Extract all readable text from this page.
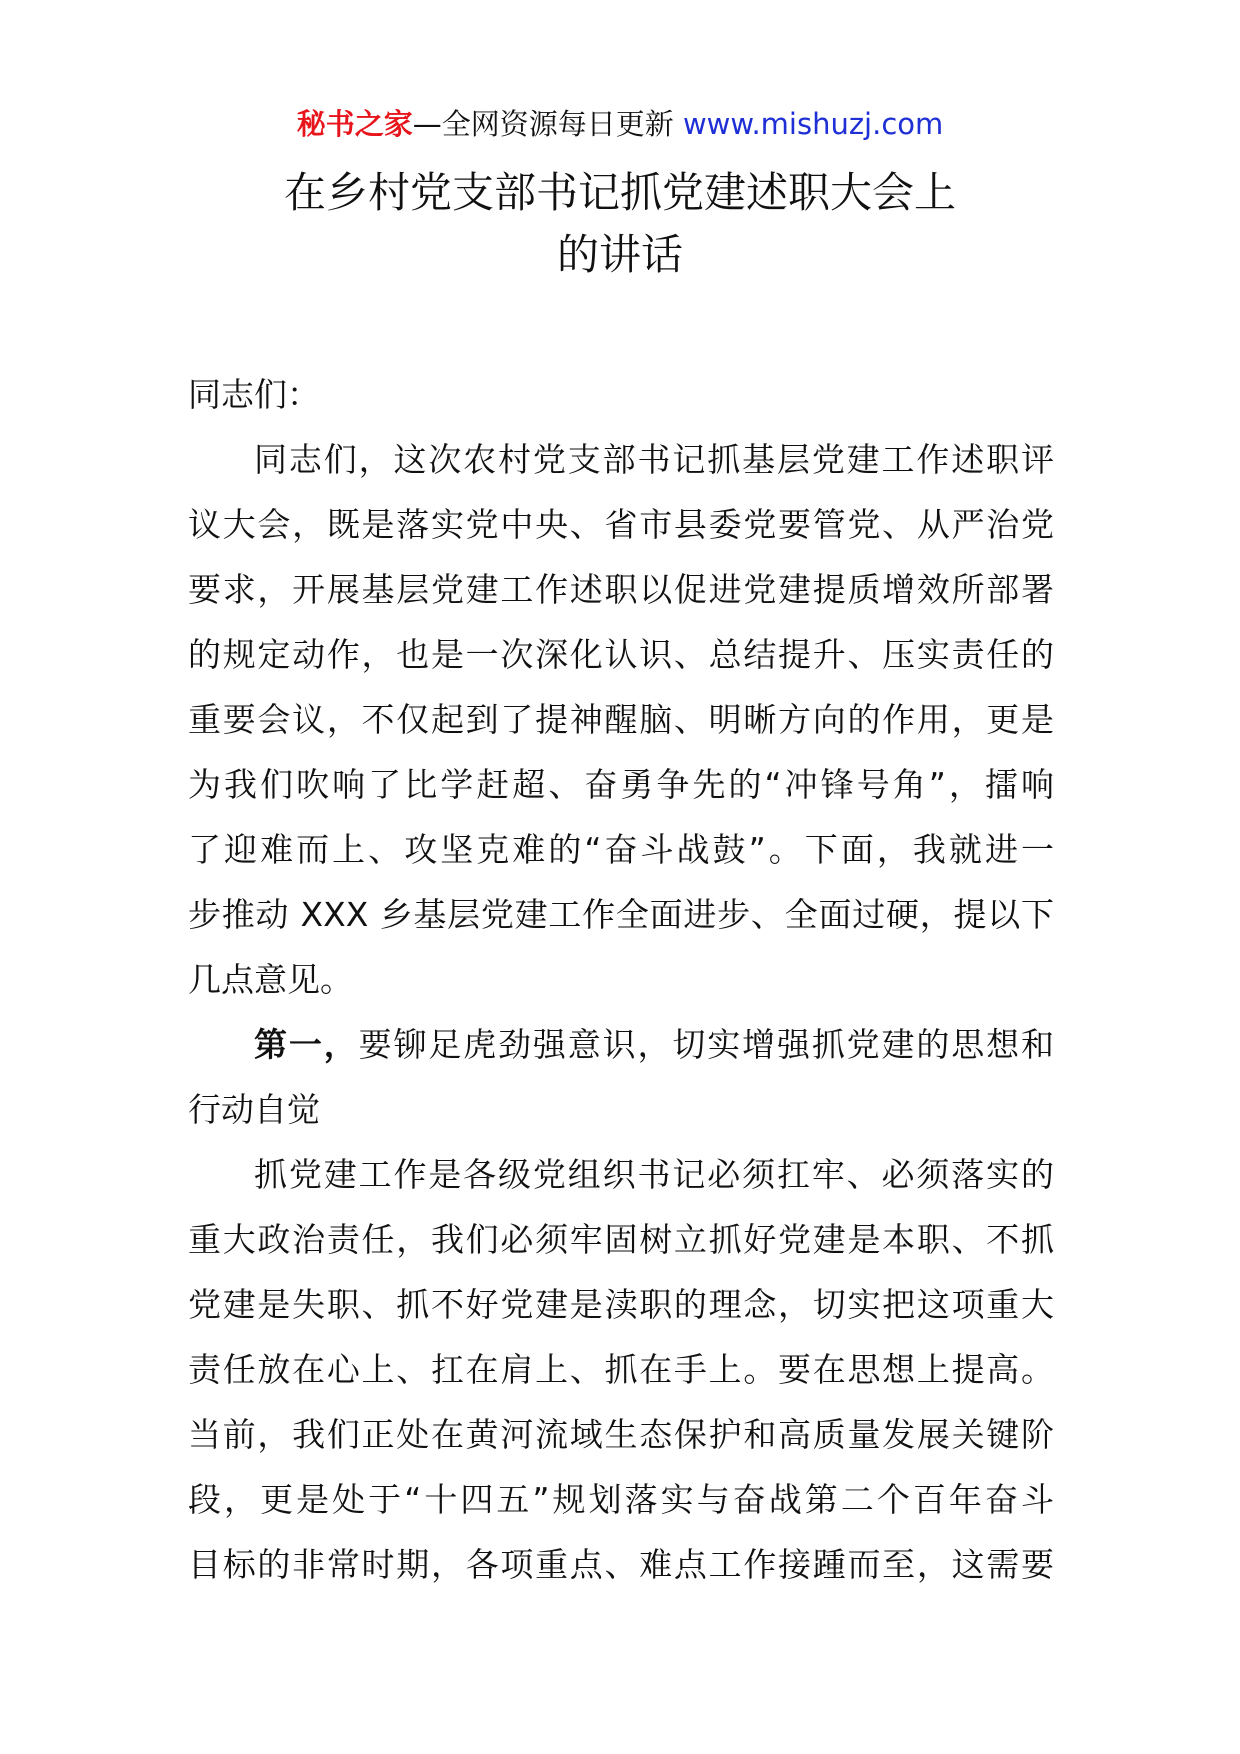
秘书之家—全网资源每日更新 www.mishuzj.com
在乡村党支部书记抓党建述职大会上
的讲话
同志们：
同志们，这次农村党支部书记抓基层党建工作述职评
议大会，既是落实党中央、省市县委党要管党、从严治党
要求，开展基层党建工作述职以促进党建提质增效所部署
的规定动作，也是一次深化认识、总结提升、压实责任的
重要会议，不仅起到了提神醒脑、明晰方向的作用，更是
为我们吹响了比学赶超、奋勇争先的“冲锋号角”，擂响
了迎难而上、攻坚克难的“奋斗战鼓”。下面，我就进一
步推动 XXX 乡基层党建工作全面进步、全面过硬，提以下
几点意见。
第一，要铆足虎劲强意识，切实增强抓党建的思想和
行动自觉
抓党建工作是各级党组织书记必须扛牢、必须落实的
重大政治责任，我们必须牢固树立抓好党建是本职、不抓
党建是失职、抓不好党建是渎职的理念，切实把这项重大
责任放在心上、扛在肩上、抓在手上。要在思想上提高。
当前，我们正处在黄河流域生态保护和高质量发展关键阶
段，更是处于“十四五”规划落实与奋战第二个百年奋斗
目标的非常时期，各项重点、难点工作接踵而至，这需要
